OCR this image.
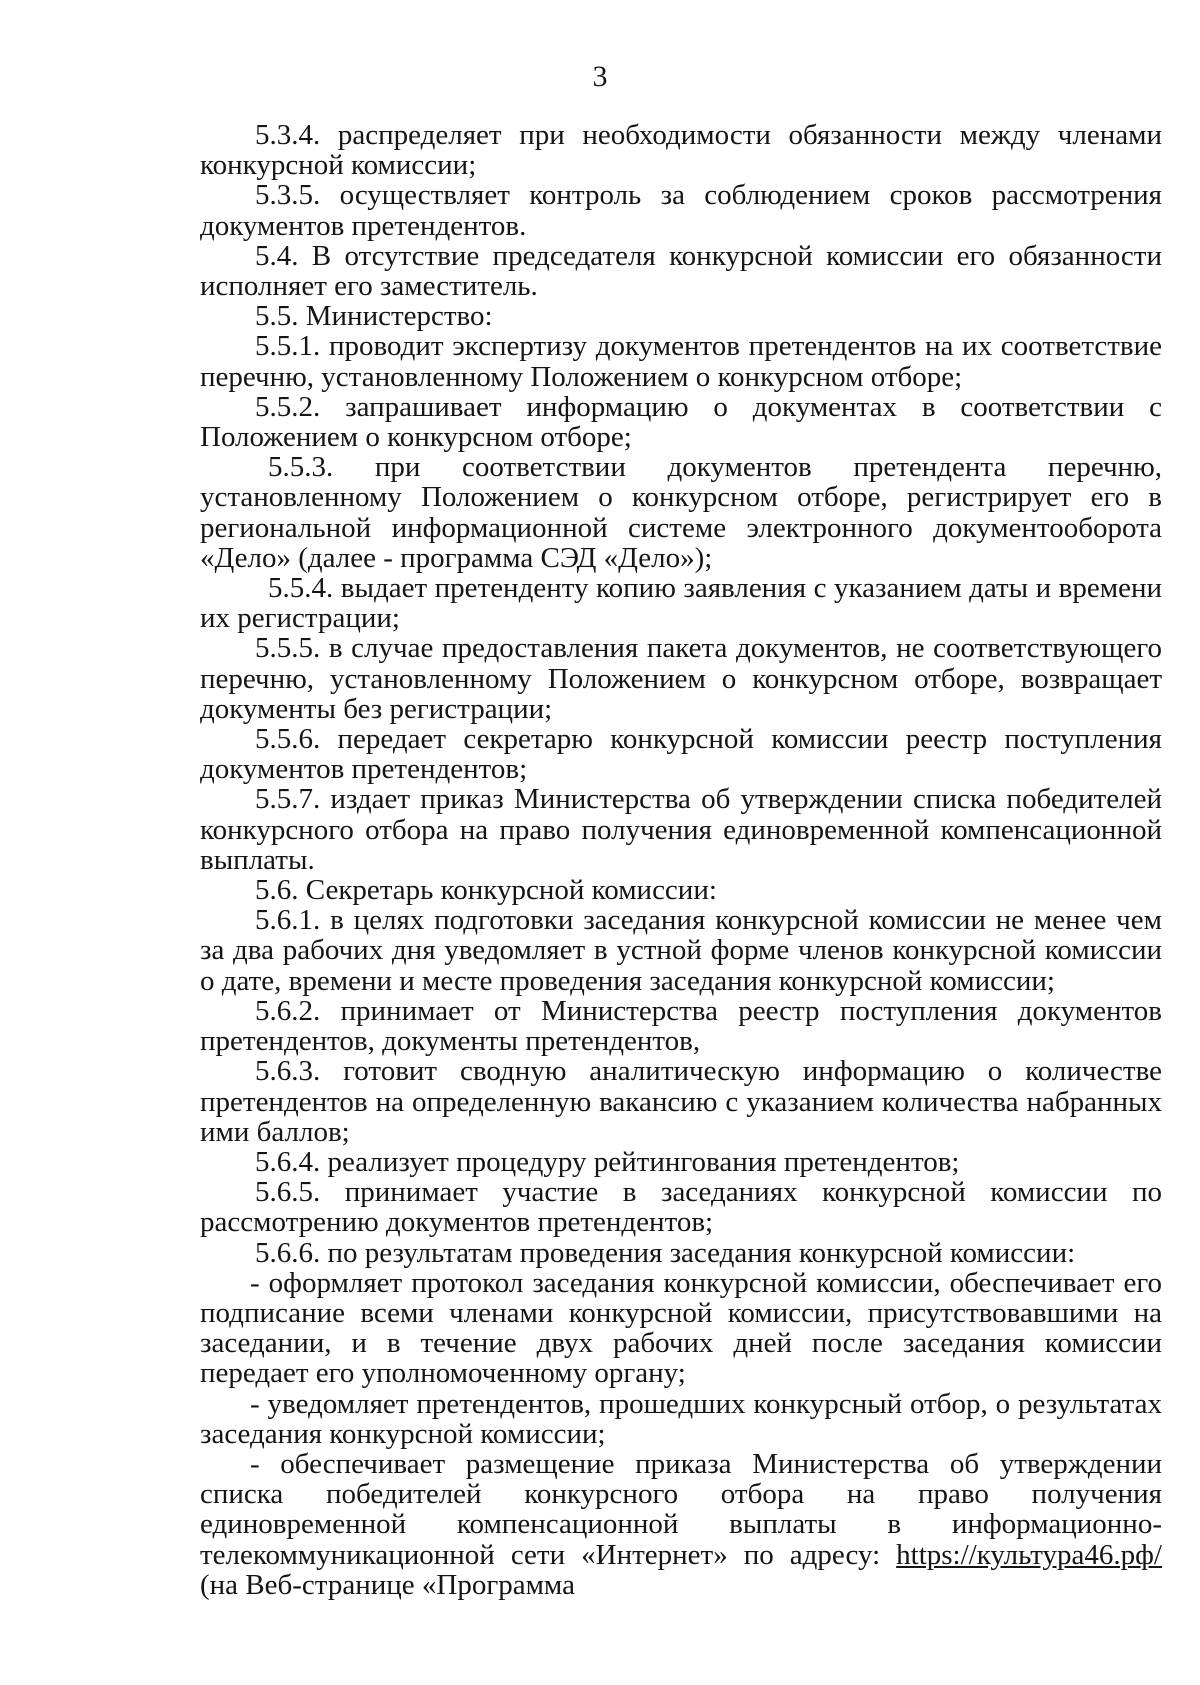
3

5.3.4. распределяет при необходимости обязанности между членами конкурсной комиссии;

5.3.5. осуществляет контроль за соблюдением сроков рассмотрения документов претендентов.

5.4. В отсутствие председателя конкурсной комиссии его обязанности исполняет его заместитель.

5.5. Министерство:

5.5.1. проводит экспертизу документов претендентов на их соответствие перечню, установленному Положением о конкурсном отборе;

5.5.2. запрашивает информацию о документах в соответствии с Положением о конкурсном отборе;

5.5.3. при соответствии документов претендента перечню, установленному Положением о конкурсном отборе, регистрирует его в региональной информационной системе электронного документооборота «Дело» (далее - программа СЭД «Дело»);

5.5.4. выдает претенденту копию заявления с указанием даты и времени их регистрации;

5.5.5. в случае предоставления пакета документов, не соответствующего перечню, установленному Положением о конкурсном отборе, возвращает документы без регистрации;

5.5.6. передает секретарю конкурсной комиссии реестр поступления документов претендентов;

5.5.7. издает приказ Министерства об утверждении списка победителей конкурсного отбора на право получения единовременной компенсационной выплаты.

5.6. Секретарь конкурсной комиссии:

5.6.1. в целях подготовки заседания конкурсной комиссии не менее чем за два рабочих дня уведомляет в устной форме членов конкурсной комиссии о дате, времени и месте проведения заседания конкурсной комиссии;

5.6.2. принимает от Министерства реестр поступления документов претендентов, документы претендентов,

5.6.3. готовит сводную аналитическую информацию о количестве претендентов на определенную вакансию с указанием количества набранных ими баллов;

5.6.4. реализует процедуру рейтингования претендентов;

5.6.5. принимает участие в заседаниях конкурсной комиссии по рассмотрению документов претендентов;

5.6.6. по результатам проведения заседания конкурсной комиссии:

- оформляет протокол заседания конкурсной комиссии, обеспечивает его подписание всеми членами конкурсной комиссии, присутствовавшими на заседании, и в течение двух рабочих дней после заседания комиссии передает его уполномоченному органу;

- уведомляет претендентов, прошедших конкурсный отбор, о результатах заседания конкурсной комиссии;

- обеспечивает размещение приказа Министерства об утверждении списка победителей конкурсного отбора на право получения единовременной компенсационной выплаты в информационно-телекоммуникационной сети «Интернет» по адресу: https://культура46.рф/ (на Веб-странице «Программа
